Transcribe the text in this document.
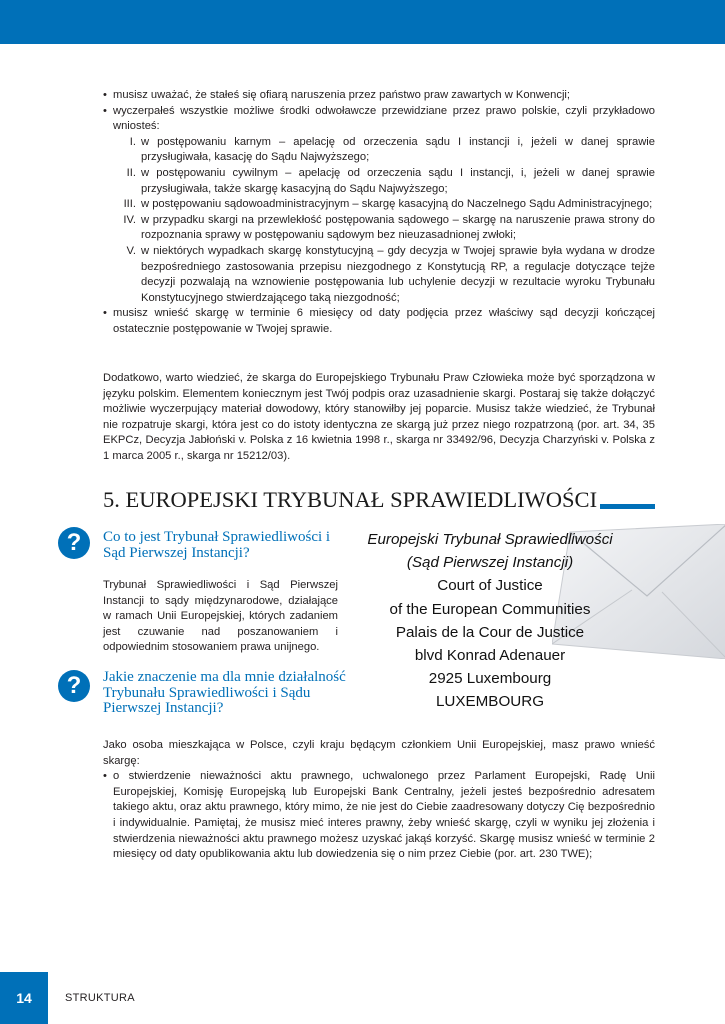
• musisz uważać, że stałeś się ofiarą naruszenia przez państwo praw zawartych w Konwencji;

• wyczerpałeś wszystkie możliwe środki odwoławcze przewidziane przez prawo polskie, czyli przykładowo wniosteś:

I. w postępowaniu karnym – apelację od orzeczenia sądu I instancji i, jeżeli w danej sprawie przysługiwała, kasację do Sądu Najwyższego;
II. w postępowaniu cywilnym – apelację od orzeczenia sądu I instancji, i, jeżeli w danej sprawie przysługiwała, także skargę kasacyjną do Sądu Najwyższego;
III. w postępowaniu sądowoadministracyjnym – skargę kasacyjną do Naczelnego Sądu Administracyjnego;
IV. w przypadku skargi na przewlekłość postępowania sądowego – skargę na naruszenie prawa strony do rozpoznania sprawy w postępowaniu sądowym bez nieuzasadnionej zwłoki;
V. w niektórych wypadkach skargę konstytucyjną – gdy decyzja w Twojej sprawie była wydana w drodze bezpośredniego zastosowania przepisu niezgodnego z Konstytucją RP, a regulacje dotyczące tejże decyzji pozwalają na wznowienie postępowania lub uchylenie decyzji w rezultacie wyroku Trybunału Konstytucyjnego stwierdzającego taką niezgodność;

• musisz wnieść skargę w terminie 6 miesięcy od daty podjęcia przez właściwy sąd decyzji kończącej ostatecznie postępowanie w Twojej sprawie.

Dodatkowo, warto wiedzieć, że skarga do Europejskiego Trybunału Praw Człowieka może być sporządzona w języku polskim. Elementem koniecznym jest Twój podpis oraz uzasadnienie skargi. Postaraj się także dołączyć możliwie wyczerpujący materiał dowodowy, który stanowiłby jej poparcie. Musisz także wiedzieć, że Trybunał nie rozpatruje skargi, która jest co do istoty identyczna ze skargą już przez niego rozpatrzoną (por. art. 34, 35 EKPCz, Decyzja Jabłoński v. Polska z 16 kwietnia 1998 r., skarga nr 33492/96, Decyzja Charzyński v. Polska z 1 marca 2005 r., skarga nr 15212/03).

5. EUROPEJSKI TRYBUNAŁ SPRAWIEDLIWOŚCI
?	Co to jest Trybunał Sprawiedliwości i Sąd Pierwszej Instancji?

Trybunał Sprawiedliwości i Sąd Pierwszej Instancji to sądy międzynarodowe, działające w ramach Unii Europejskiej, których zadaniem jest czuwanie nad poszanowaniem i odpowiednim stosowaniem prawa unijnego.

?	Jakie znaczenie ma dla mnie działalność Trybunału Sprawiedliwości i Sądu Pierwszej Instancji?
Europejski Trybunał Sprawiedliwości
(Sąd Pierwszej Instancji)
Court of Justice
of the European Communities
Palais de la Cour de Justice
blvd Konrad Adenauer
2925 Luxembourg
LUXEMBOURG

Jako osoba mieszkająca w Polsce, czyli kraju będącym członkiem Unii Europejskiej, masz prawo wnieść skargę:

• o stwierdzenie nieważności aktu prawnego, uchwalonego przez Parlament Europejski, Radę Unii Europejskiej, Komisję Europejską lub Europejski Bank Centralny, jeżeli jesteś bezpośrednio adresatem takiego aktu, oraz aktu prawnego, który mimo, że nie jest do Ciebie zaadresowany dotyczy Cię bezpośrednio i indywidualnie. Pamiętaj, że musisz mieć interes prawny, żeby wnieść skargę, czyli w wyniku jej złożenia i stwierdzenia nieważności aktu prawnego możesz uzyskać jakąś korzyść. Skargę musisz wnieść w terminie 2 miesięcy od daty opublikowania aktu lub dowiedzenia się o nim przez Ciebie (por. art. 230 TWE);

14	STRUKTURA
